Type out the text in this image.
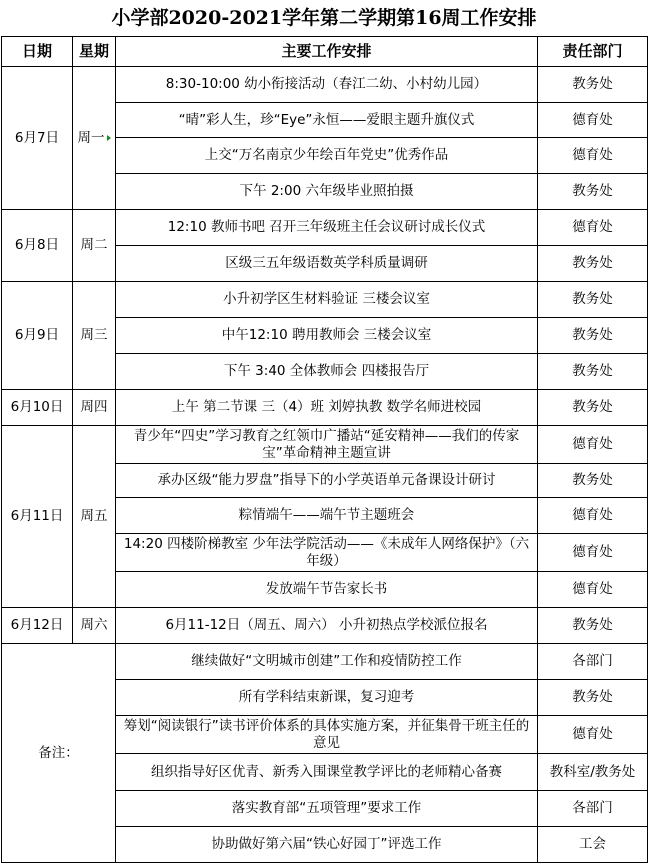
小学部2020-2021学年第二学期第16周工作安排
日期	星期	主要工作安排	责任部门
6月7日	周一	8:30-10:00 幼小衔接活动（春江二幼、小村幼儿园）	教务处
		“晴”彩人生，珍“Eye”永恒——爱眼主题升旗仪式	德育处
		上交“万名南京少年绘百年党史”优秀作品	德育处
		下午 2:00 六年级毕业照拍摄	教务处
6月8日	周二	12:10 教师书吧 召开三年级班主任会议研讨成长仪式	德育处
		区级三五年级语数英学科质量调研	教务处
6月9日	周三	小升初学区生材料验证 三楼会议室	教务处
		中午12:10 聘用教师会 三楼会议室	教务处
		下午 3:40 全体教师会 四楼报告厅	教务处
6月10日	周四	上午 第二节课 三（4）班 刘婷执教 数学名师进校园	教务处
6月11日	周五	青少年“四史”学习教育之红领巾广播站“延安精神——我们的传家宝”革命精神主题宣讲	德育处
		承办区级“能力罗盘”指导下的小学英语单元备课设计研讨	教务处
		粽情端午——端午节主题班会	德育处
		14:20 四楼阶梯教室 少年法学院活动——《未成年人网络保护》（六年级）	德育处
		发放端午节告家长书	德育处
6月12日	周六	6月11-12日（周五、周六） 小升初热点学校派位报名	教务处
备注：		继续做好“文明城市创建”工作和疫情防控工作	各部门
		所有学科结束新课，复习迎考	教务处
		筹划“阅读银行”读书评价体系的具体实施方案，并征集骨干班主任的意见	德育处
		组织指导好区优青、新秀入围课堂教学评比的老师精心备赛	教科室/教务处
		落实教育部“五项管理”要求工作	各部门
		协助做好第六届“铁心好园丁”评选工作	工会
